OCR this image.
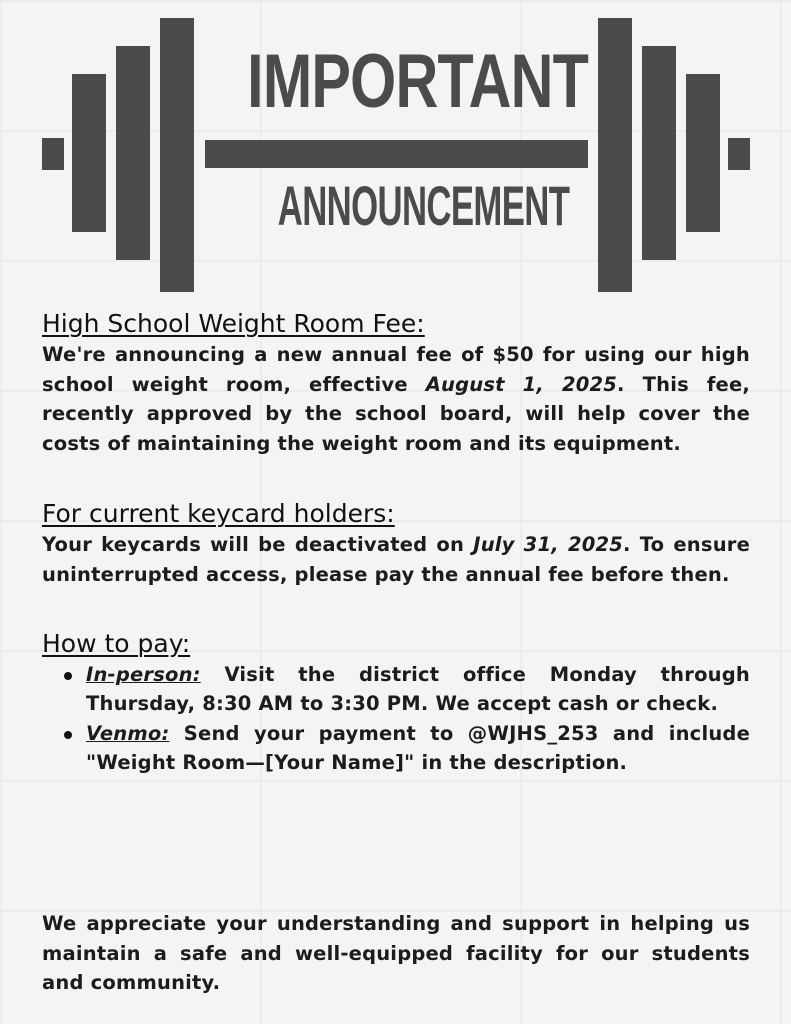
IMPORTANT
ANNOUNCEMENT
High School Weight Room Fee:

We're announcing a new annual fee of $50 for using our high school weight room, effective August 1, 2025. This fee, recently approved by the school board, will help cover the costs of maintaining the weight room and its equipment.

For current keycard holders:

Your keycards will be deactivated on July 31, 2025. To ensure uninterrupted access, please pay the annual fee before then.

How to pay:
In-person: Visit the district office Monday through Thursday, 8:30 AM to 3:30 PM. We accept cash or check.
Venmo: Send your payment to @WJHS_253 and include "Weight Room—[Your Name]" in the description.

We appreciate your understanding and support in helping us maintain a safe and well-equipped facility for our students and community.
